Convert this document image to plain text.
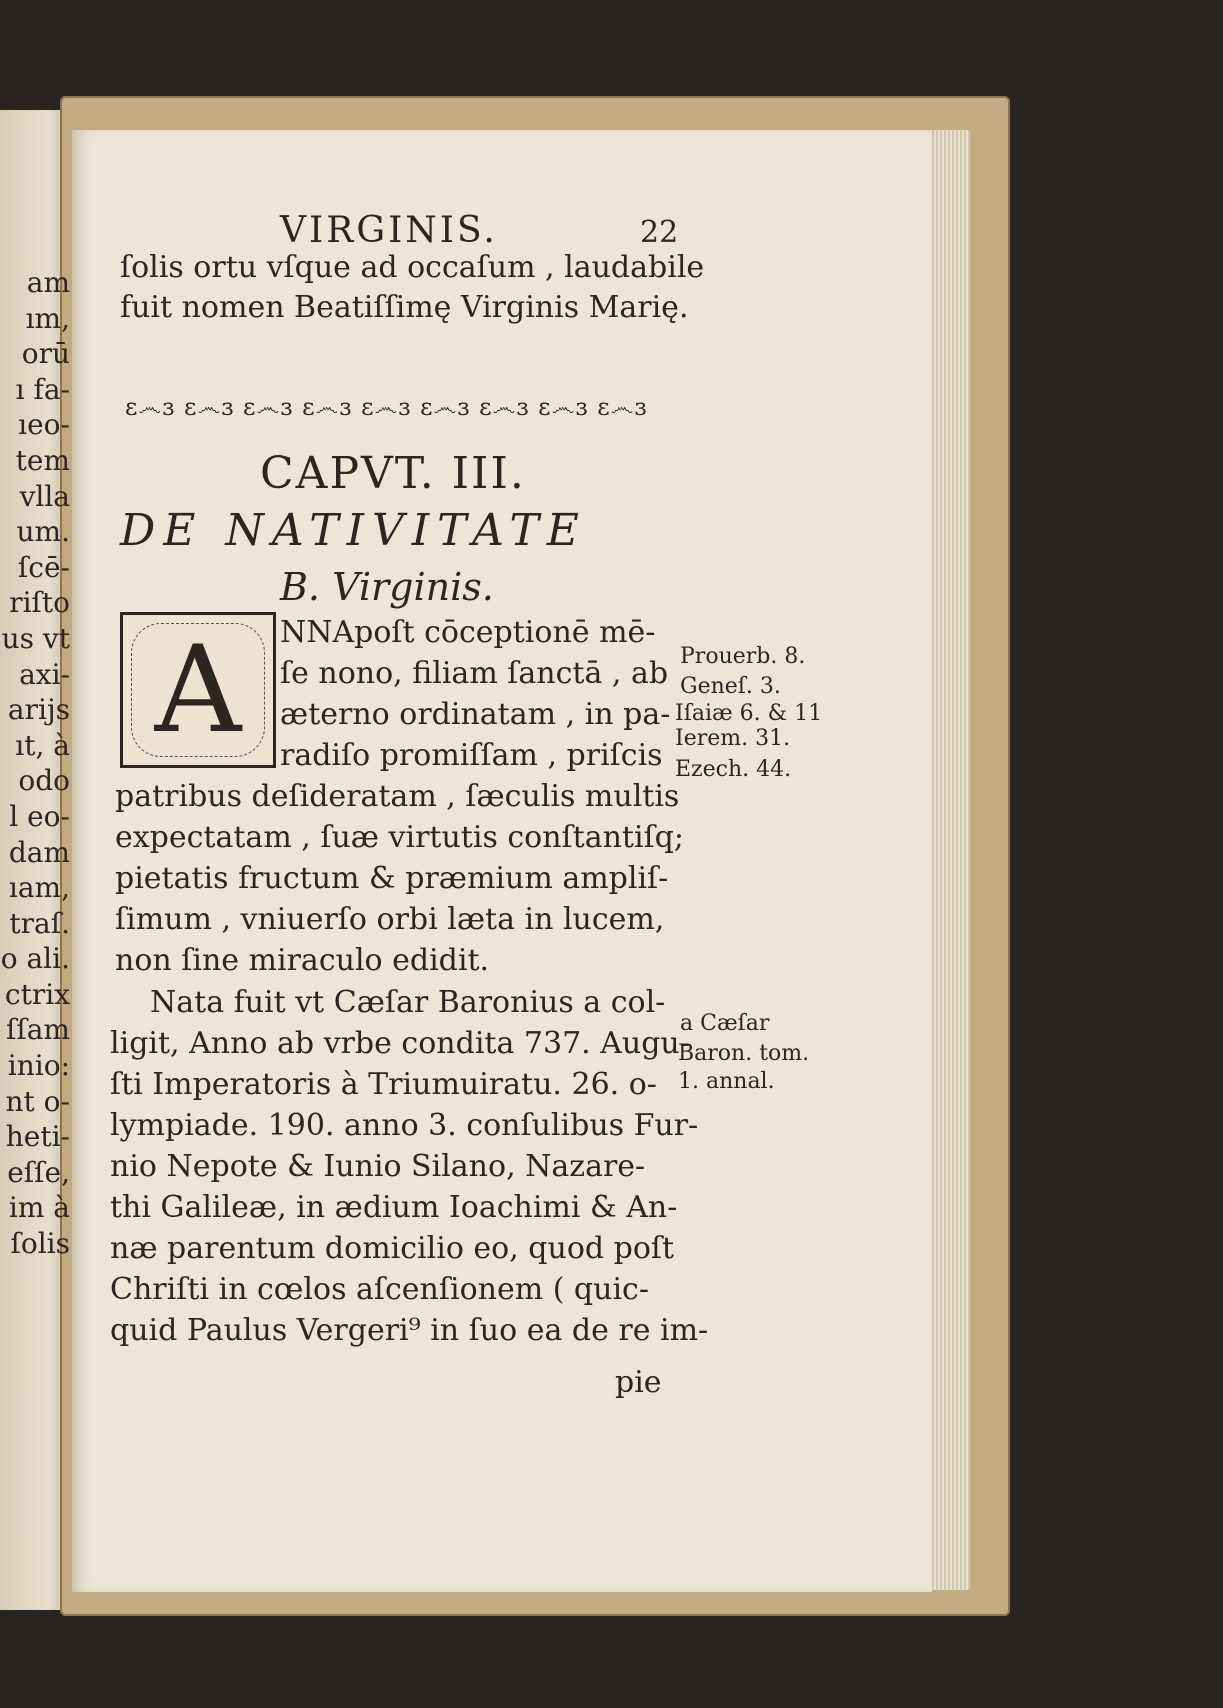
am
ım,
orū
ı fa-
ıeo-
tem
vlla
um.
ſcē-
riſto
us vt
axi-
arijs
ıt, à
odo
l eo-
dam
ıam,
traſ.
o ali.
ctrix
ſſam
inio:
nt o-
heti-
eſſe,
im à
ſolis
VIRGINIS.	22
ſolis ortu vſque ad occaſum , laudabile
fuit nomen Beatiſſimę Virginis Marię.
ɛ෴ɜ ɛ෴ɜ ɛ෴ɜ ɛ෴ɜ ɛ෴ɜ ɛ෴ɜ ɛ෴ɜ ɛ෴ɜ ɛ෴ɜ
CAPVT. III.
DE NATIVITATE
B. Virginis.
A	NNApoſt cōceptionē mē-
ſe nono, filiam ſanctā , ab
æterno ordinatam , in pa-
radiſo promiſſam , priſcis
patribus deſideratam , ſæculis multis
expectatam , ſuæ virtutis conſtantiſq;
pietatis fructum & præmium ampliſ-
ſimum , vniuerſo orbi læta in lucem,
non ſine miraculo edidit.
Nata fuit vt Cæſar Baronius a col-
ligit, Anno ab vrbe condita 737. Augu-
ſti Imperatoris à Triumuiratu. 26. o-
lympiade. 190. anno 3. conſulibus Fur-
nio Nepote & Iunio Silano, Nazare-
thi Galileæ, in ædium Ioachimi & An-
næ parentum domicilio eo, quod poſt
Chriſti in cœlos aſcenſionem ( quic-
quid Paulus Vergeri⁹ in ſuo ea de re im-
pie
Prouerb. 8.
Geneſ. 3.
Iſaiæ 6. & 11
Ierem. 31.
Ezech. 44.
a Cæſar
Baron. tom.
1. annal.
